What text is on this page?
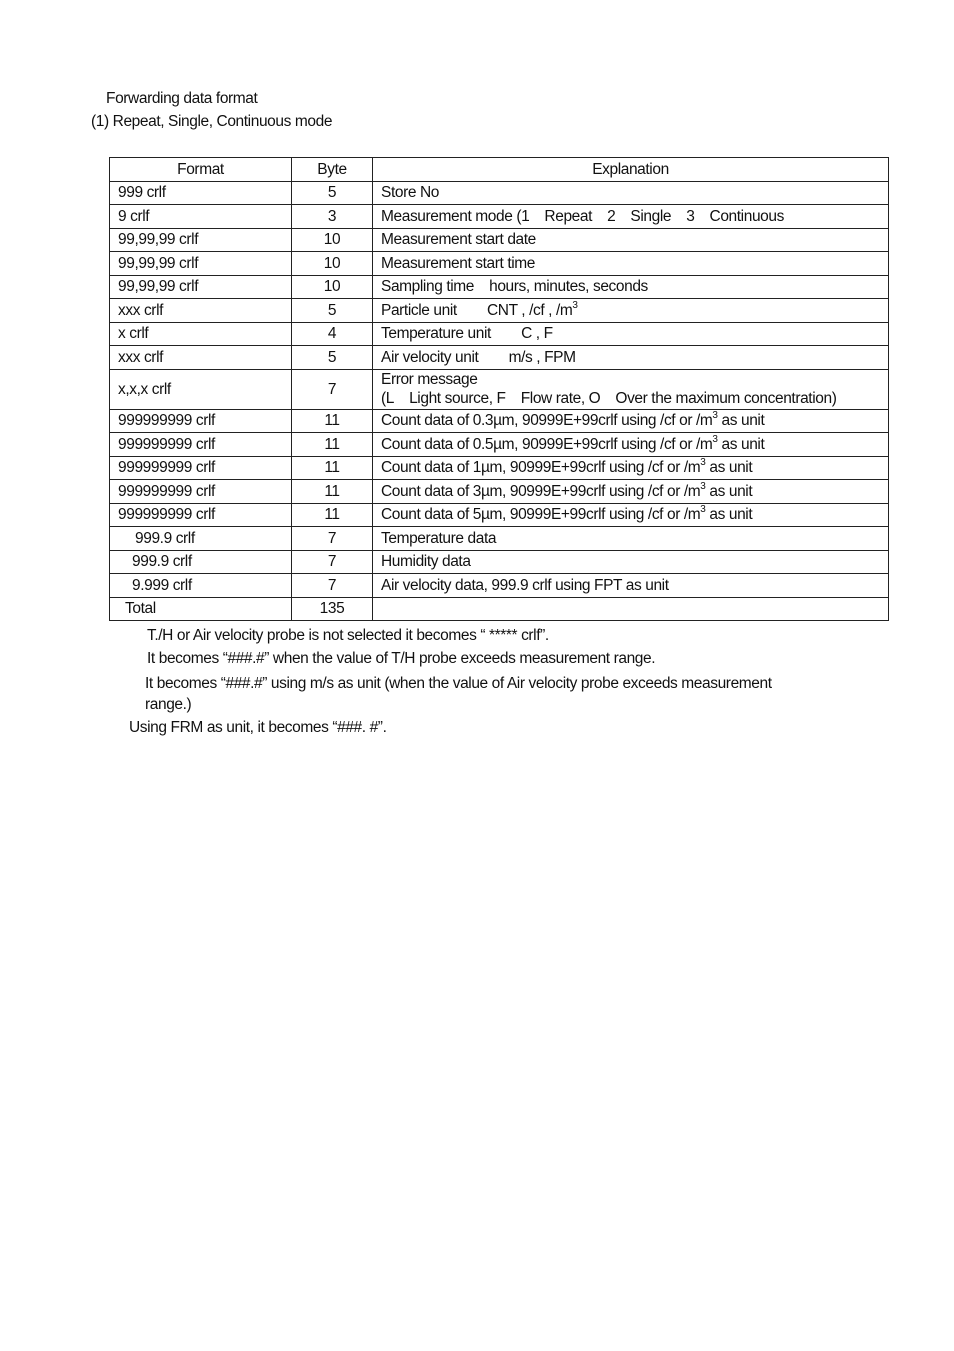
Forwarding data format
(1) Repeat, Single, Continuous mode
Format	Byte	Explanation
999 crlf	5	Store No
9 crlf	3	Measurement mode (1 Repeat 2 Single 3 Continuous
99,99,99 crlf	10	Measurement start date
99,99,99 crlf	10	Measurement start time
99,99,99 crlf	10	Sampling time hours, minutes, seconds
xxx crlf	5	Particle unit  CNT , /cf , $/m^3$
x crlf	4	Temperature unit  C , F
xxx crlf	5	Air velocity unit  m/s , FPM
x,x,x crlf	7	Error message
(L Light source, F Flow rate, O Over the maximum concentration)

999999999 crlf	11	Count data of 0.3µm, 90999E+99crlf using /cf or $/m^3$ as unit
999999999 crlf	11	Count data of 0.5µm, 90999E+99crlf using /cf or $/m^3$ as unit
999999999 crlf	11	Count data of 1µm, 90999E+99crlf using /cf or $/m^3$ as unit
999999999 crlf	11	Count data of 3µm, 90999E+99crlf using /cf or $/m^3$ as unit
999999999 crlf	11	Count data of 5µm, 90999E+99crlf using /cf or $/m^3$ as unit
999.9 crlf	7	Temperature data
999.9 crlf	7	Humidity data
9.999 crlf	7	Air velocity data, 999.9 crlf using FPT as unit
Total	135	
T./H or Air velocity probe is not selected it becomes “ ***** crlf”.
It becomes “###.#” when the value of T/H probe exceeds measurement range.
It becomes “###.#” using m/s as unit (when the value of Air velocity probe exceeds measurement
range.)
Using FRM as unit, it becomes “###. #”.
